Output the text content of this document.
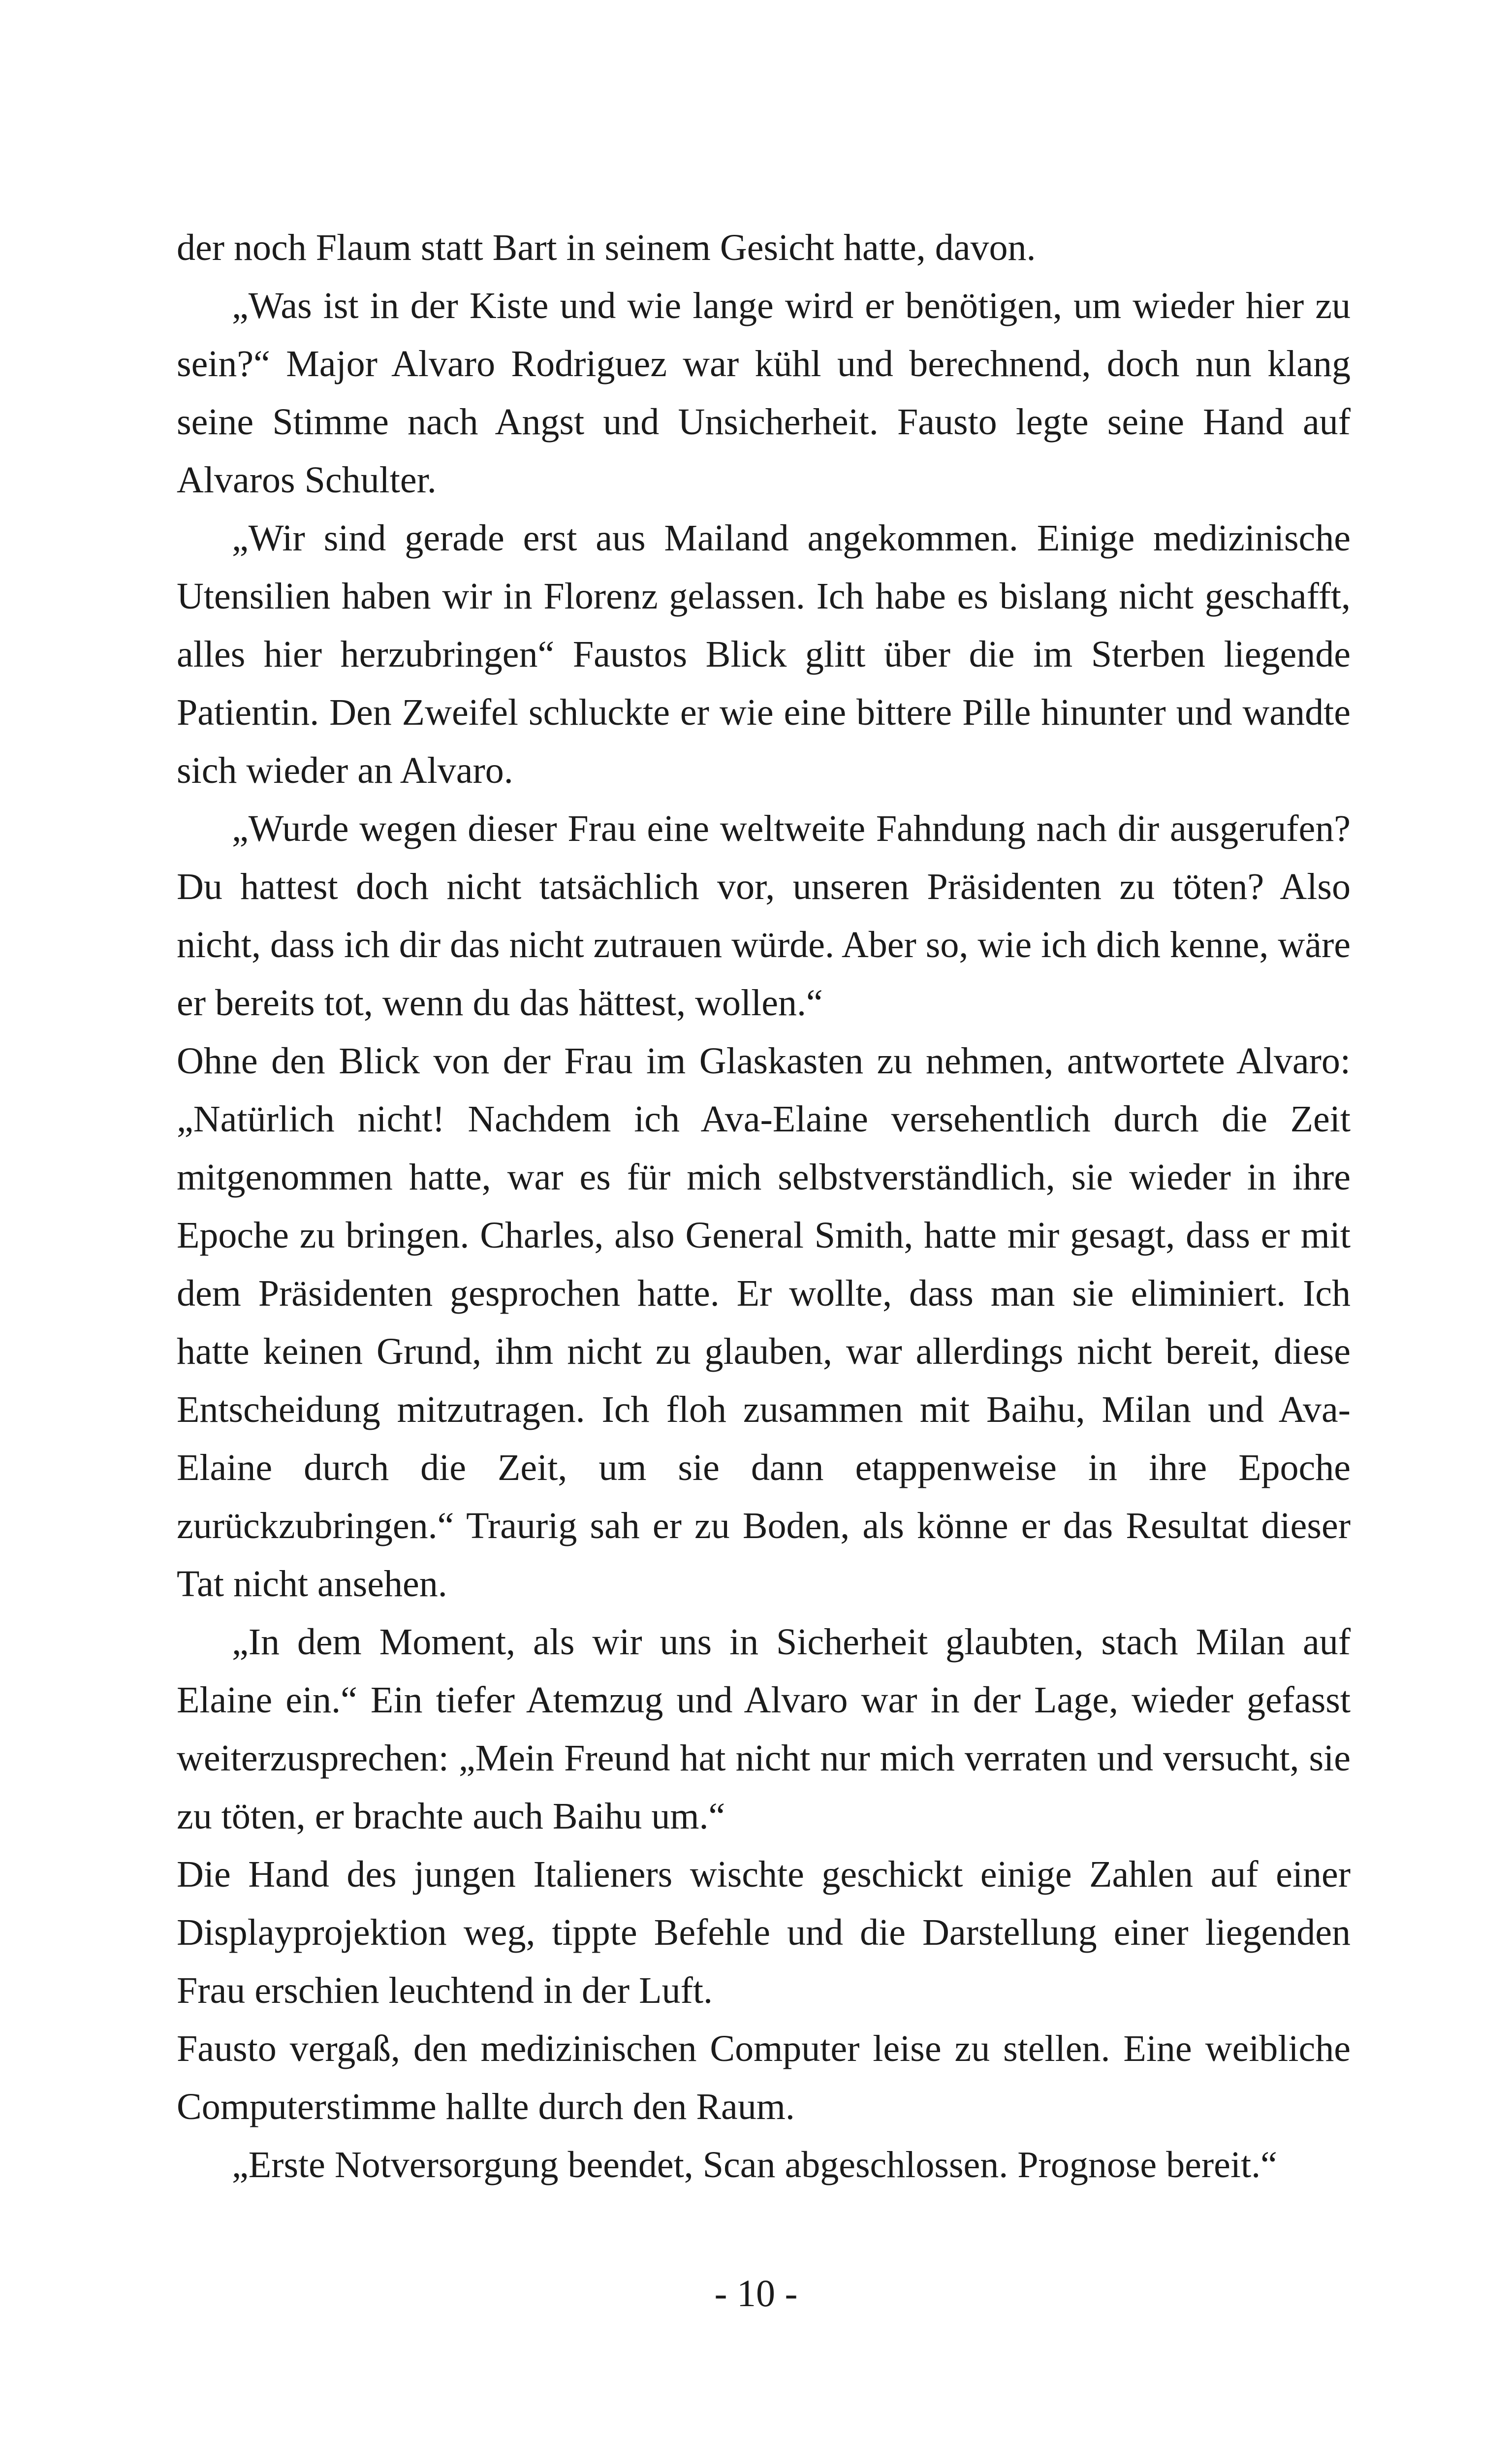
der noch Flaum statt Bart in seinem Gesicht hatte, davon.

„Was ist in der Kiste und wie lange wird er benötigen, um wieder hier zu sein?“ Major Alvaro Rodriguez war kühl und berechnend, doch nun klang seine Stimme nach Angst und Unsicherheit. Fausto legte seine Hand auf Alvaros Schulter.

„Wir sind gerade erst aus Mailand angekommen. Einige medizinische Utensilien haben wir in Florenz gelassen. Ich habe es bislang nicht geschafft, alles hier herzubringen“ Faustos Blick glitt über die im Sterben liegende Patientin. Den Zweifel schluckte er wie eine bittere Pille hinunter und wandte sich wieder an Alvaro.

„Wurde wegen dieser Frau eine weltweite Fahndung nach dir ausgerufen? Du hattest doch nicht tatsächlich vor, unseren Präsidenten zu töten? Also nicht, dass ich dir das nicht zutrauen würde. Aber so, wie ich dich kenne, wäre er bereits tot, wenn du das hättest, wollen.“

Ohne den Blick von der Frau im Glaskasten zu nehmen, antwortete Alvaro: „Natürlich nicht! Nachdem ich Ava-Elaine versehentlich durch die Zeit mitgenommen hatte, war es für mich selbstverständlich, sie wieder in ihre Epoche zu bringen. Charles, also General Smith, hatte mir gesagt, dass er mit dem Präsidenten gesprochen hatte. Er wollte, dass man sie eliminiert. Ich hatte keinen Grund, ihm nicht zu glauben, war allerdings nicht bereit, diese Entscheidung mitzutragen. Ich floh zusammen mit Baihu, Milan und Ava-Elaine durch die Zeit, um sie dann etappenweise in ihre Epoche zurückzubringen.“ Traurig sah er zu Boden, als könne er das Resultat dieser Tat nicht ansehen.

„In dem Moment, als wir uns in Sicherheit glaubten, stach Milan auf Elaine ein.“ Ein tiefer Atemzug und Alvaro war in der Lage, wieder gefasst weiterzusprechen: „Mein Freund hat nicht nur mich verraten und versucht, sie zu töten, er brachte auch Baihu um.“

Die Hand des jungen Italieners wischte geschickt einige Zahlen auf einer Displayprojektion weg, tippte Befehle und die Darstellung einer liegenden Frau erschien leuchtend in der Luft.

Fausto vergaß, den medizinischen Computer leise zu stellen. Eine weibliche Computerstimme hallte durch den Raum.

„Erste Notversorgung beendet, Scan abgeschlossen. Prognose bereit.“

- 10 -
